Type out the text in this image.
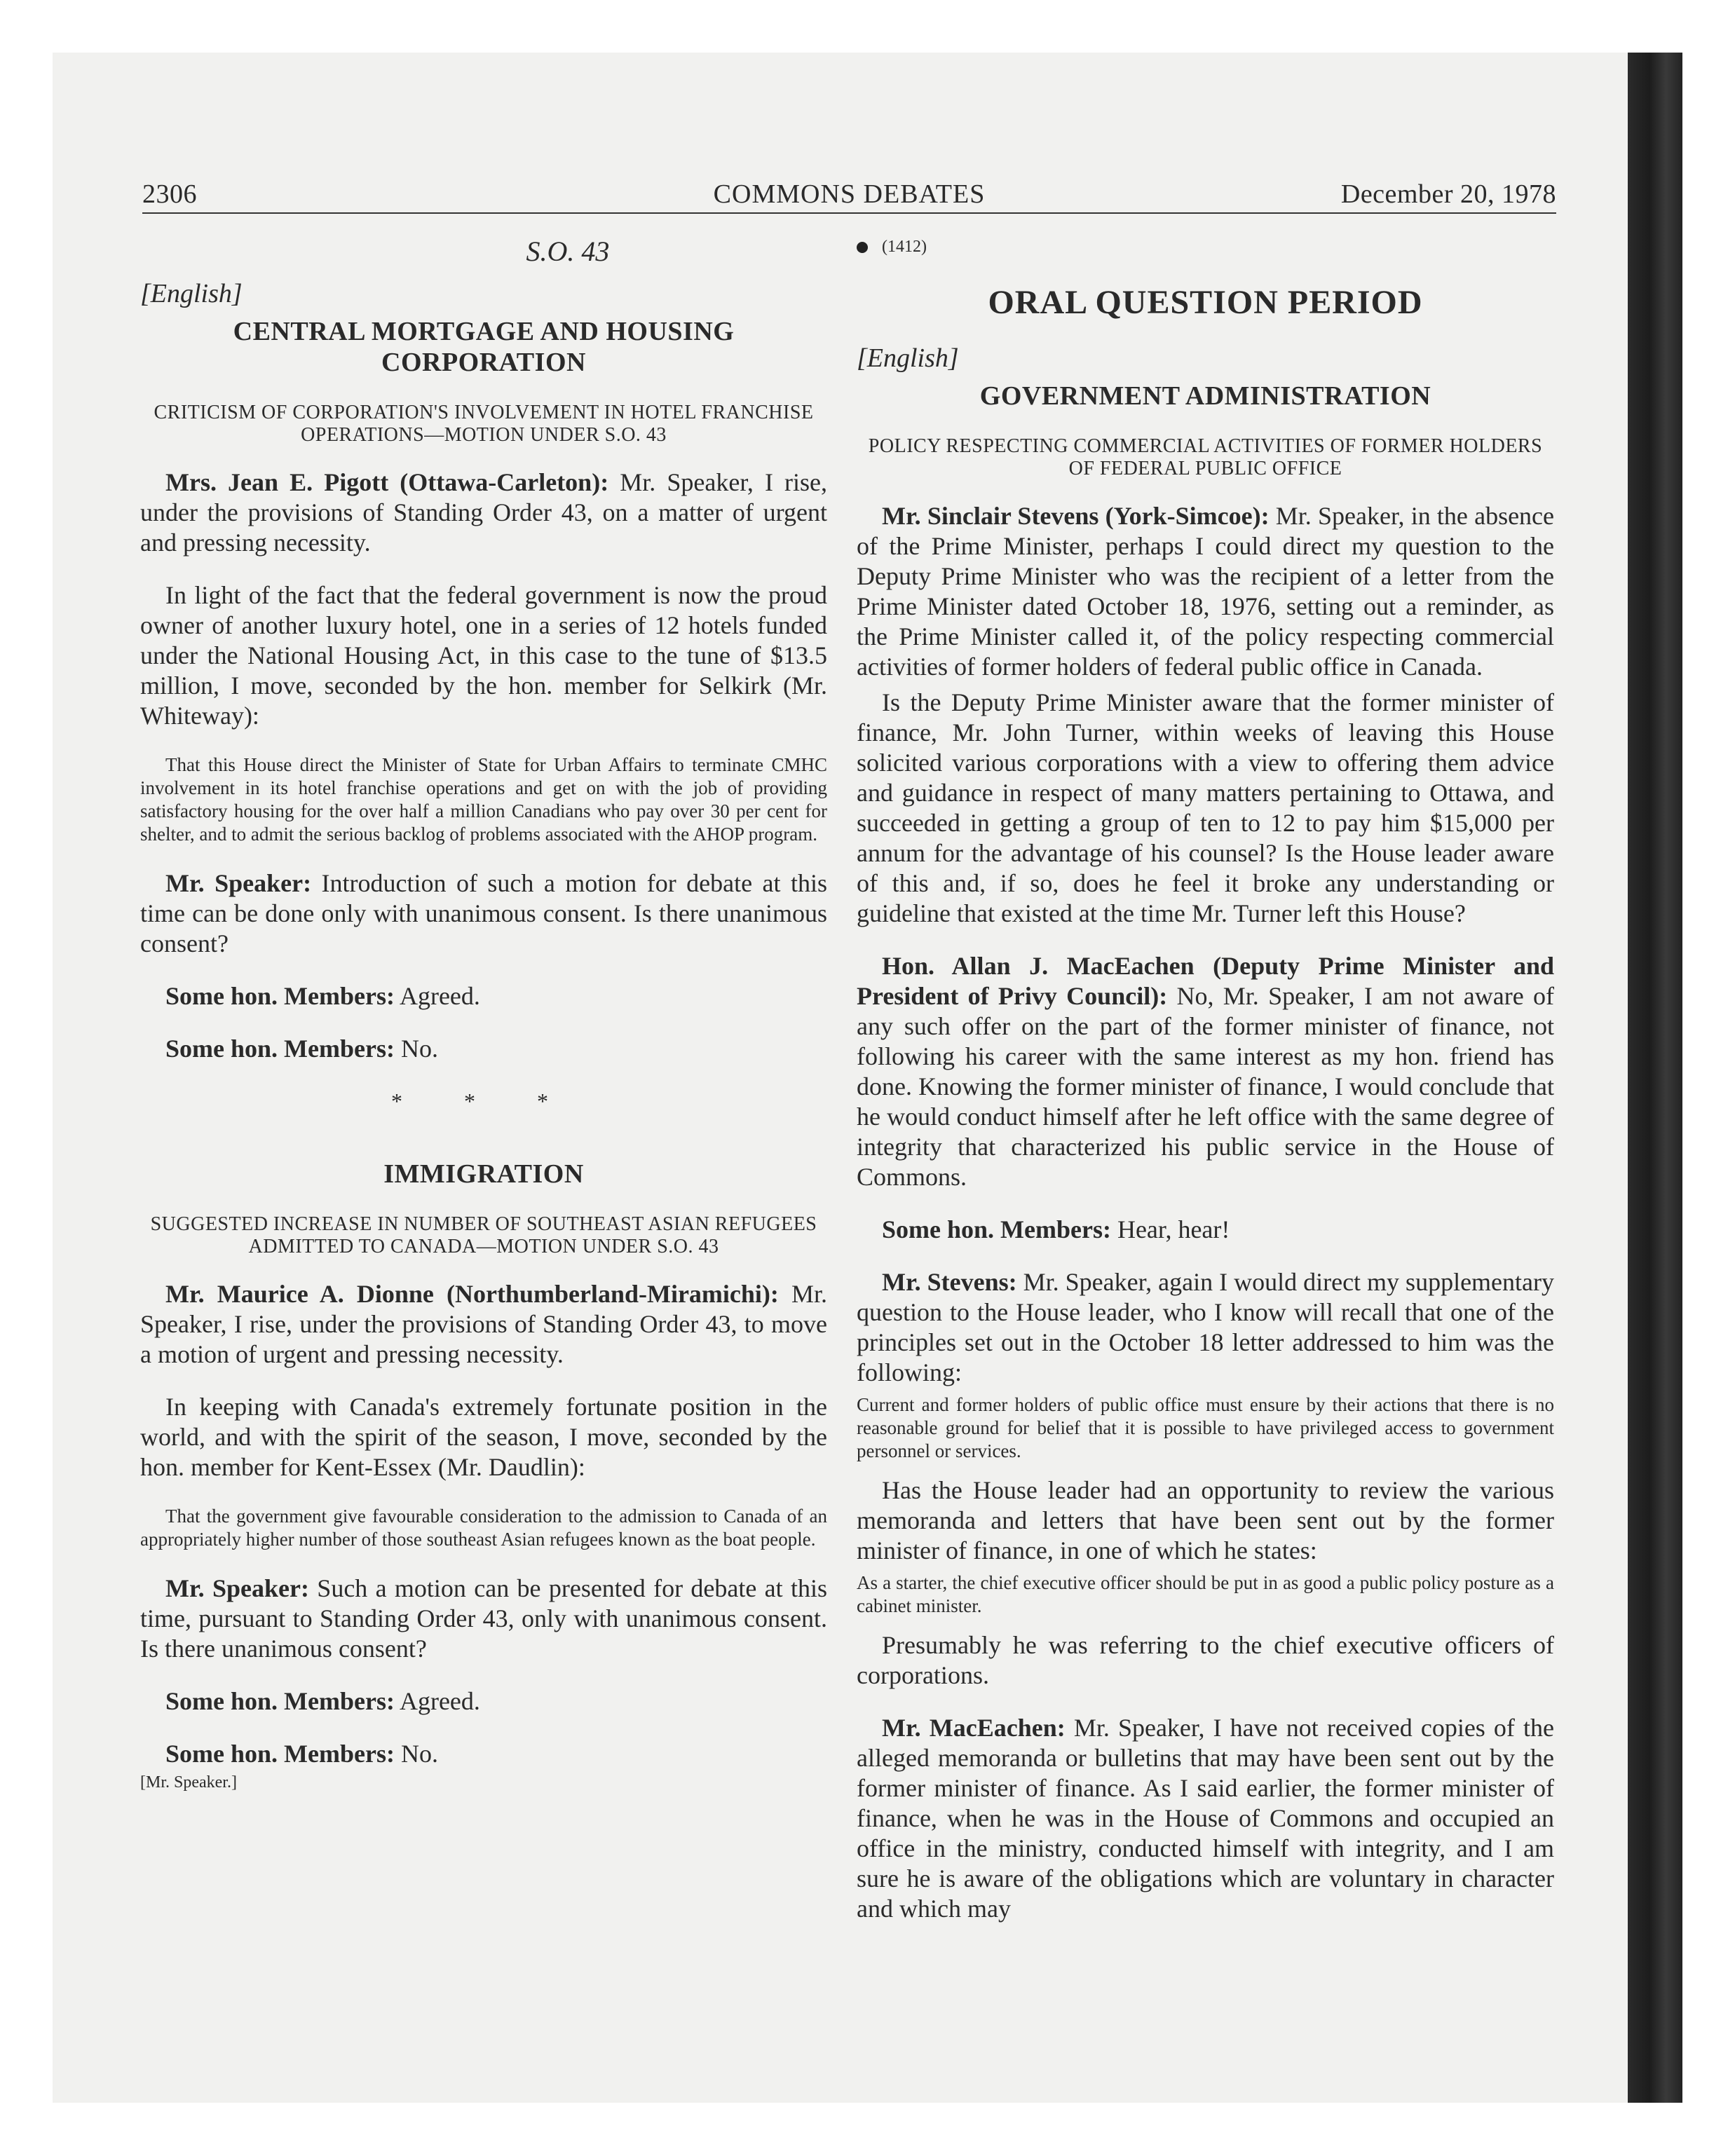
2306	COMMONS DEBATES	December 20, 1978
S.O. 43
[English]
CENTRAL MORTGAGE AND HOUSING CORPORATION
CRITICISM OF CORPORATION'S INVOLVEMENT IN HOTEL FRANCHISE OPERATIONS—MOTION UNDER S.O. 43

Mrs. Jean E. Pigott (Ottawa-Carleton): Mr. Speaker, I rise, under the provisions of Standing Order 43, on a matter of urgent and pressing necessity.

In light of the fact that the federal government is now the proud owner of another luxury hotel, one in a series of 12 hotels funded under the National Housing Act, in this case to the tune of $13.5 million, I move, seconded by the hon. member for Selkirk (Mr. Whiteway):

That this House direct the Minister of State for Urban Affairs to terminate CMHC involvement in its hotel franchise operations and get on with the job of providing satisfactory housing for the over half a million Canadians who pay over 30 per cent for shelter, and to admit the serious backlog of problems associated with the AHOP program.

Mr. Speaker: Introduction of such a motion for debate at this time can be done only with unanimous consent. Is there unanimous consent?

Some hon. Members: Agreed.

Some hon. Members: No.

* * *
IMMIGRATION
SUGGESTED INCREASE IN NUMBER OF SOUTHEAST ASIAN REFUGEES ADMITTED TO CANADA—MOTION UNDER S.O. 43

Mr. Maurice A. Dionne (Northumberland-Miramichi): Mr. Speaker, I rise, under the provisions of Standing Order 43, to move a motion of urgent and pressing necessity.

In keeping with Canada's extremely fortunate position in the world, and with the spirit of the season, I move, seconded by the hon. member for Kent-Essex (Mr. Daudlin):

That the government give favourable consideration to the admission to Canada of an appropriately higher number of those southeast Asian refugees known as the boat people.

Mr. Speaker: Such a motion can be presented for debate at this time, pursuant to Standing Order 43, only with unanimous consent. Is there unanimous consent?

Some hon. Members: Agreed.

Some hon. Members: No.

[Mr. Speaker.]
(1412)
ORAL QUESTION PERIOD
[English]
GOVERNMENT ADMINISTRATION
POLICY RESPECTING COMMERCIAL ACTIVITIES OF FORMER HOLDERS OF FEDERAL PUBLIC OFFICE

Mr. Sinclair Stevens (York-Simcoe): Mr. Speaker, in the absence of the Prime Minister, perhaps I could direct my question to the Deputy Prime Minister who was the recipient of a letter from the Prime Minister dated October 18, 1976, setting out a reminder, as the Prime Minister called it, of the policy respecting commercial activities of former holders of federal public office in Canada.

Is the Deputy Prime Minister aware that the former minister of finance, Mr. John Turner, within weeks of leaving this House solicited various corporations with a view to offering them advice and guidance in respect of many matters pertaining to Ottawa, and succeeded in getting a group of ten to 12 to pay him $15,000 per annum for the advantage of his counsel? Is the House leader aware of this and, if so, does he feel it broke any understanding or guideline that existed at the time Mr. Turner left this House?

Hon. Allan J. MacEachen (Deputy Prime Minister and President of Privy Council): No, Mr. Speaker, I am not aware of any such offer on the part of the former minister of finance, not following his career with the same interest as my hon. friend has done. Knowing the former minister of finance, I would conclude that he would conduct himself after he left office with the same degree of integrity that characterized his public service in the House of Commons.

Some hon. Members: Hear, hear!

Mr. Stevens: Mr. Speaker, again I would direct my supplementary question to the House leader, who I know will recall that one of the principles set out in the October 18 letter addressed to him was the following:

Current and former holders of public office must ensure by their actions that there is no reasonable ground for belief that it is possible to have privileged access to government personnel or services.

Has the House leader had an opportunity to review the various memoranda and letters that have been sent out by the former minister of finance, in one of which he states:

As a starter, the chief executive officer should be put in as good a public policy posture as a cabinet minister.

Presumably he was referring to the chief executive officers of corporations.

Mr. MacEachen: Mr. Speaker, I have not received copies of the alleged memoranda or bulletins that may have been sent out by the former minister of finance. As I said earlier, the former minister of finance, when he was in the House of Commons and occupied an office in the ministry, conducted himself with integrity, and I am sure he is aware of the obligations which are voluntary in character and which may
